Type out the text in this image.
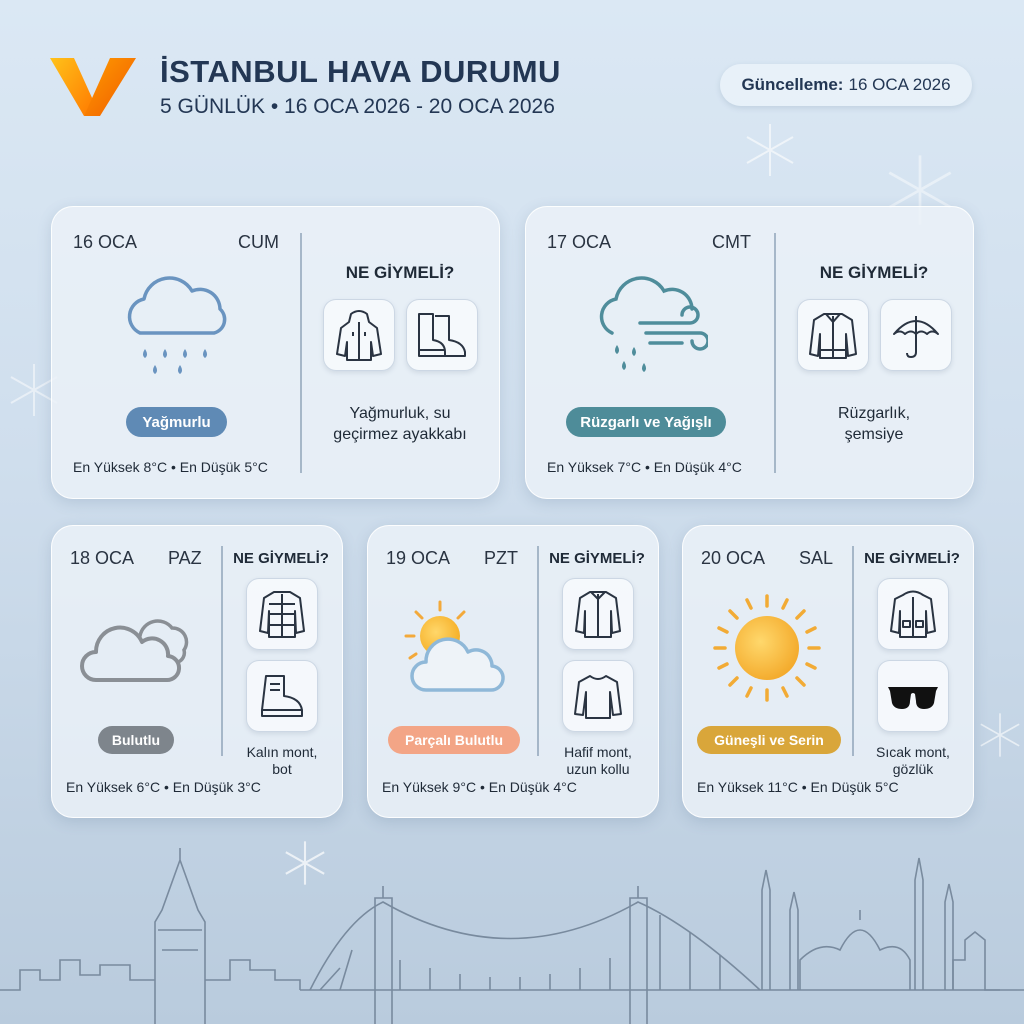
İSTANBUL HAVA DURUMU
5 GÜNLÜK • 16 OCA 2026 - 20 OCA 2026
Güncelleme: 16 OCA 2026
16 OCA	CUM
Yağmurlu
En Yüksek 8°C • En Düşük 5°C
NE GİYMELİ?
Yağmurluk, su
geçirmez ayakkabı
17 OCA	CMT
Rüzgarlı ve Yağışlı
En Yüksek 7°C • En Düşük 4°C
NE GİYMELİ?
Rüzgarlık,
şemsiye
18 OCA PAZ
Bulutlu
En Yüksek 6°C • En Düşük 3°C
NE GİYMELİ?
Kalın mont,
bot
19 OCA PZT
Parçalı Bulutlu
En Yüksek 9°C • En Düşük 4°C
NE GİYMELİ?
Hafif mont,
uzun kollu
20 OCA SAL
Güneşli ve Serin
En Yüksek 11°C • En Düşük 5°C
NE GİYMELİ?
Sıcak mont,
gözlük
